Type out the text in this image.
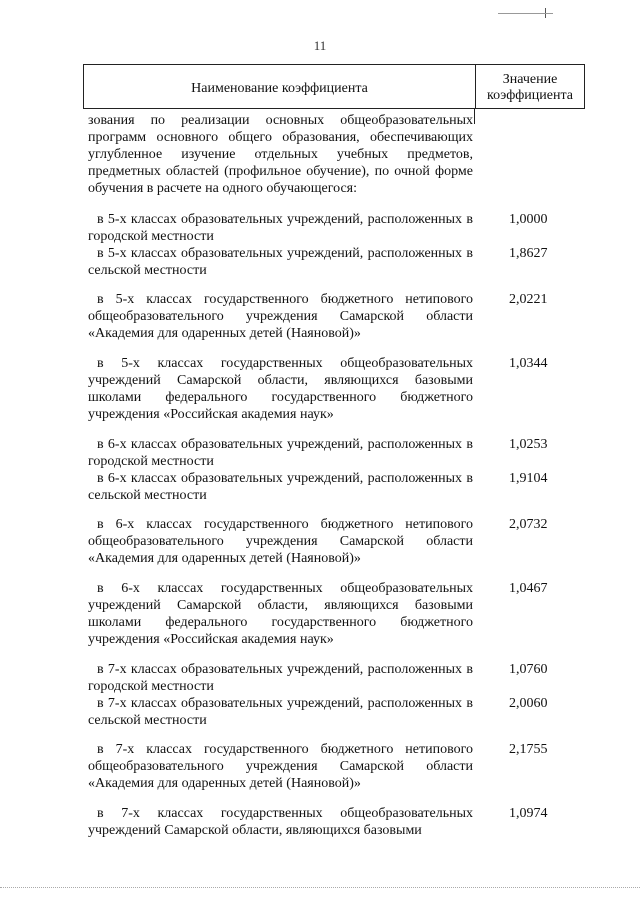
11
Наименование коэффициента
Значение
коэффициента
зования по реализации основных общеобразовательных программ основного общего образования, обеспечивающих углубленное изучение отдельных учебных предметов, предметных областей (профильное обучение), по очной форме обучения в расчете на одного обучающегося:
в 5-х классах образовательных учреждений, расположенных в городской местности
1,0000
в 5-х классах образовательных учреждений, расположенных в сельской местности
1,8627
в 5-х классах государственного бюджетного нетипового общеобразовательного учреждения Самарской области «Академия для одаренных детей (Наяновой)»
2,0221
в 5-х классах государственных общеобразовательных учреждений Самарской области, являющихся базовыми школами федерального государственного бюджетного учреждения «Российская академия наук»
1,0344
в 6-х классах образовательных учреждений, расположенных в городской местности
1,0253
в 6-х классах образовательных учреждений, расположенных в сельской местности
1,9104
в 6-х классах государственного бюджетного нетипового общеобразовательного учреждения Самарской области «Академия для одаренных детей (Наяновой)»
2,0732
в 6-х классах государственных общеобразовательных учреждений Самарской области, являющихся базовыми школами федерального государственного бюджетного учреждения «Российская академия наук»
1,0467
в 7-х классах образовательных учреждений, расположенных в городской местности
1,0760
в 7-х классах образовательных учреждений, расположенных в сельской местности
2,0060
в 7-х классах государственного бюджетного нетипового общеобразовательного учреждения Самарской области «Академия для одаренных детей (Наяновой)»
2,1755
в 7-х классах государственных общеобразовательных учреждений Самарской области, являющихся базовыми
1,0974
